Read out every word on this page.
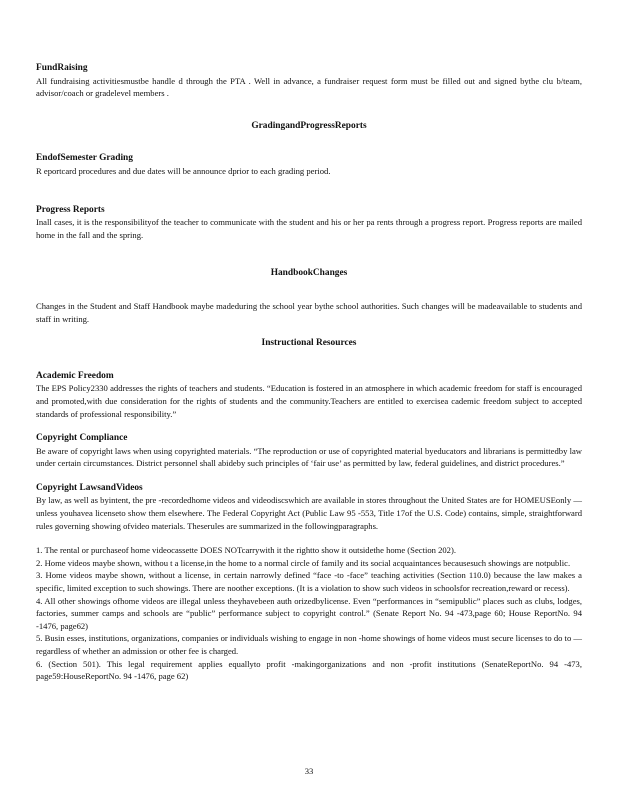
FundRaising

All fundraising activitiesmustbe handle d through the PTA . Well in advance, a fundraiser request form must be filled out and signed bythe clu b/team, advisor/coach or gradelevel members .

GradingandProgressReports

EndofSemester Grading

R eportcard procedures and due dates will be announce dprior to each grading period.

Progress Reports

Inall cases, it is the responsibilityof the teacher to communicate with the student and his or her pa rents through a progress report. Progress reports are mailed home in the fall and the spring.

HandbookChanges

Changes in the Student and Staff Handbook maybe madeduring the school year bythe school authorities. Such changes will be madeavailable to students and staff in writing.

Instructional Resources

Academic Freedom

The EPS Policy2330 addresses the rights of teachers and students. “Education is fostered in an atmosphere in which academic freedom for staff is encouraged and promoted,with due consideration for the rights of students and the community.Teachers are entitled to exercisea cademic freedom subject to accepted standards of professional responsibility.”

Copyright Compliance

Be aware of copyright laws when using copyrighted materials. “The reproduction or use of copyrighted material byeducators and librarians is permittedby law under certain circumstances. District personnel shall abideby such principles of ‘fair use’ as permitted by law, federal guidelines, and district procedures.”

Copyright LawsandVideos

By law, as well as byintent, the pre -recordedhome videos and videodiscswhich are available in stores throughout the United States are for HOMEUSEonly —unless youhavea licenseto show them elsewhere. The Federal Copyright Act (Public Law 95 -553, Title 17of the U.S. Code) contains, simple, straightforward rules governing showing ofvideo materials. Theserules are summarized in the followingparagraphs.

1. The rental or purchaseof home videocassette DOES NOTcarrywith it the rightto show it outsidethe home (Section 202).

2. Home videos maybe shown, withou t a license,in the home to a normal circle of family and its social acquaintances becausesuch showings are notpublic.

3. Home videos maybe shown, without a license, in certain narrowly defined “face -to -face” teaching activities (Section 110.0) because the law makes a specific, limited exception to such showings. There are noother exceptions. (It is a violation to show such videos in schoolsfor recreation,reward or recess).

4. All other showings ofhome videos are illegal unless theyhavebeen auth orizedbylicense. Even “performances in “semipublic” places such as clubs, lodges, factories, summer camps and schools are “public” performance subject to copyright control.” (Senate Report No. 94 -473,page 60; House ReportNo. 94 -1476, page62)

5. Busin esses, institutions, organizations, companies or individuals wishing to engage in non -home showings of home videos must secure licenses to do to — regardless of whether an admission or other fee is charged.

6. (Section 501). This legal requirement applies equallyto profit -makingorganizations and non -profit institutions (SenateReportNo. 94 -473, page59:HouseReportNo. 94 -1476, page 62)

33
